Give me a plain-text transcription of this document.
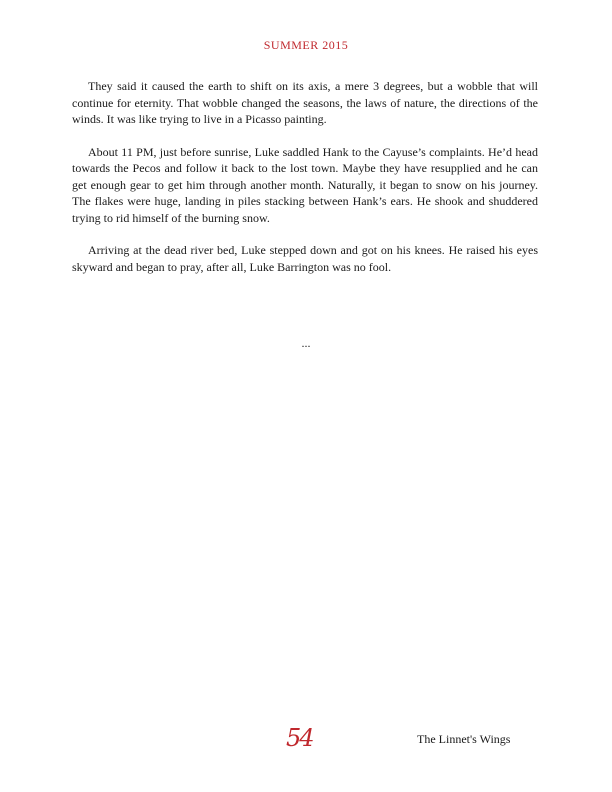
SUMMER 2015

They said it caused the earth to shift on its axis, a mere 3 degrees, but a wobble that will continue for eternity. That wobble changed the seasons, the laws of nature, the directions of the winds. It was like trying to live in a Picasso painting.

About 11 PM, just before sunrise, Luke saddled Hank to the Cayuse’s complaints. He’d head towards the Pecos and follow it back to the lost town. Maybe they have resupplied and he can get enough gear to get him through another month. Naturally, it began to snow on his journey. The flakes were huge, landing in piles stacking between Hank’s ears. He shook and shuddered trying to rid himself of the burning snow.

Arriving at the dead river bed, Luke stepped down and got on his knees. He raised his eyes skyward and began to pray, after all, Luke Barrington was no fool.

...
54	The Linnet's Wings
